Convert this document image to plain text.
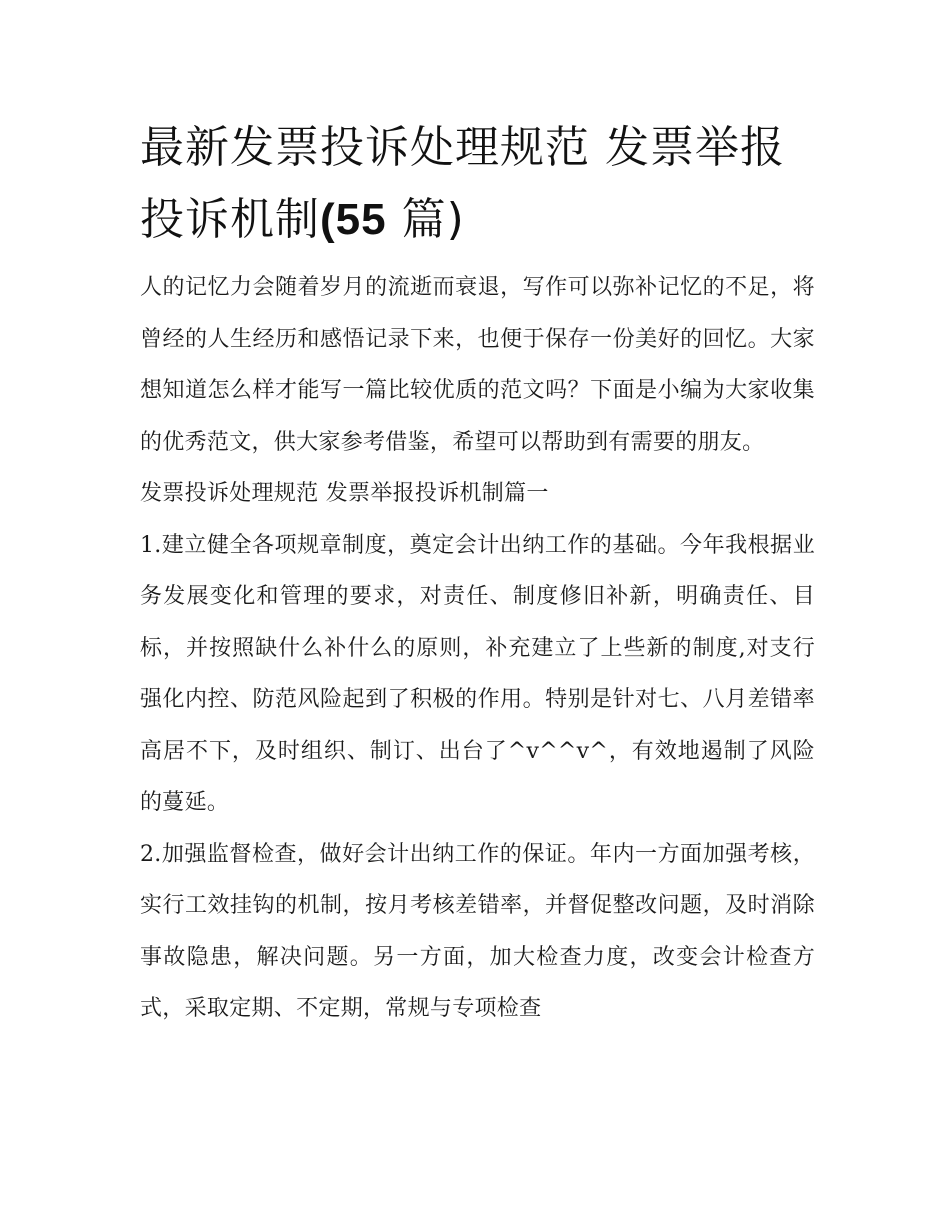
最新发票投诉处理规范 发票举报投诉机制(55 篇)

人的记忆力会随着岁月的流逝而衰退，写作可以弥补记忆的不足，将曾经的人生经历和感悟记录下来，也便于保存一份美好的回忆。大家想知道怎么样才能写一篇比较优质的范文吗？下面是小编为大家收集的优秀范文，供大家参考借鉴，希望可以帮助到有需要的朋友。

发票投诉处理规范 发票举报投诉机制篇一

1.建立健全各项规章制度，奠定会计出纳工作的基础。今年我根据业务发展变化和管理的要求，对责任、制度修旧补新，明确责任、目标，并按照缺什么补什么的原则，补充建立了上些新的制度,对支行强化内控、防范风险起到了积极的作用。特别是针对七、八月差错率高居不下，及时组织、制订、出台了^v^^v^，有效地遏制了风险的蔓延。

2.加强监督检查，做好会计出纳工作的保证。年内一方面加强考核，实行工效挂钩的机制，按月考核差错率，并督促整改问题，及时消除事故隐患，解决问题。另一方面，加大检查力度，改变会计检查方式，采取定期、不定期，常规与专项检查
